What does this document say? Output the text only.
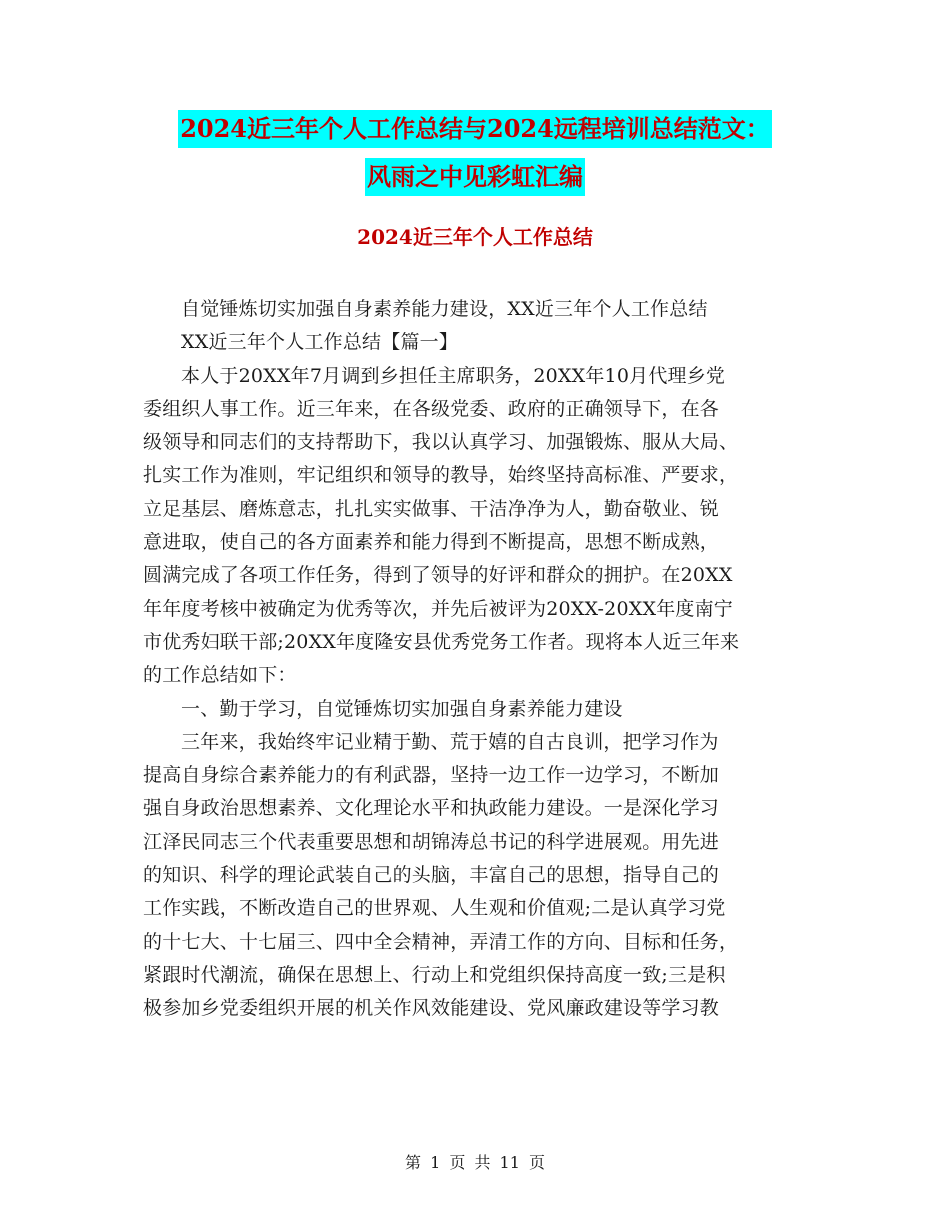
2024近三年个人工作总结与2024远程培训总结范文：
风雨之中见彩虹汇编
2024近三年个人工作总结

自觉锤炼切实加强自身素养能力建设，XX近三年个人工作总结

XX近三年个人工作总结【篇一】

本人于20XX年7月调到乡担任主席职务，20XX年10月代理乡党
委组织人事工作。近三年来，在各级党委、政府的正确领导下，在各
级领导和同志们的支持帮助下，我以认真学习、加强锻炼、服从大局、
扎实工作为准则，牢记组织和领导的教导，始终坚持高标准、严要求，
立足基层、磨炼意志，扎扎实实做事、干洁净净为人，勤奋敬业、锐
意进取，使自己的各方面素养和能力得到不断提高，思想不断成熟，
圆满完成了各项工作任务，得到了领导的好评和群众的拥护。在20XX
年年度考核中被确定为优秀等次，并先后被评为20XX-20XX年度南宁
市优秀妇联干部;20XX年度隆安县优秀党务工作者。现将本人近三年来
的工作总结如下：

一、勤于学习，自觉锤炼切实加强自身素养能力建设

三年来，我始终牢记业精于勤、荒于嬉的自古良训，把学习作为
提高自身综合素养能力的有利武器，坚持一边工作一边学习，不断加
强自身政治思想素养、文化理论水平和执政能力建设。一是深化学习
江泽民同志三个代表重要思想和胡锦涛总书记的科学进展观。用先进
的知识、科学的理论武装自己的头脑，丰富自己的思想，指导自己的
工作实践，不断改造自己的世界观、人生观和价值观;二是认真学习党
的十七大、十七届三、四中全会精神，弄清工作的方向、目标和任务，
紧跟时代潮流，确保在思想上、行动上和党组织保持高度一致;三是积
极参加乡党委组织开展的机关作风效能建设、党风廉政建设等学习教

第 1 页 共 11 页
